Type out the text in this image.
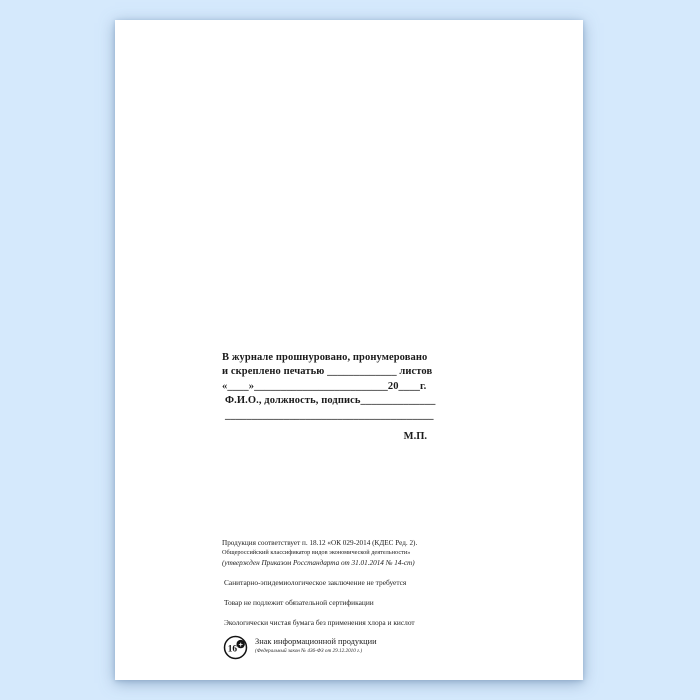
В журнале прошнуровано, пронумеровано
и скреплено печатью _____________ листов
«____»_________________________20____г.
Ф.И.О., должность, подпись______________
_______________________________________
М.П.
Продукция соответствует п. 18.12 «ОК 029-2014 (КДЕС Ред. 2).
Общероссийский классификатор видов экономической деятельности»
(утвержден Приказом Росстандарта от 31.01.2014 № 14-ст)
Санитарно-эпидемиологическое заключение не требуется
Товар не подлежит обязательной сертификации
Экологически чистая бумага без применения хлора и кислот
16 + Знак информационной продукции
(Федеральный закон № 436-ФЗ от 29.12.2010 г.)
